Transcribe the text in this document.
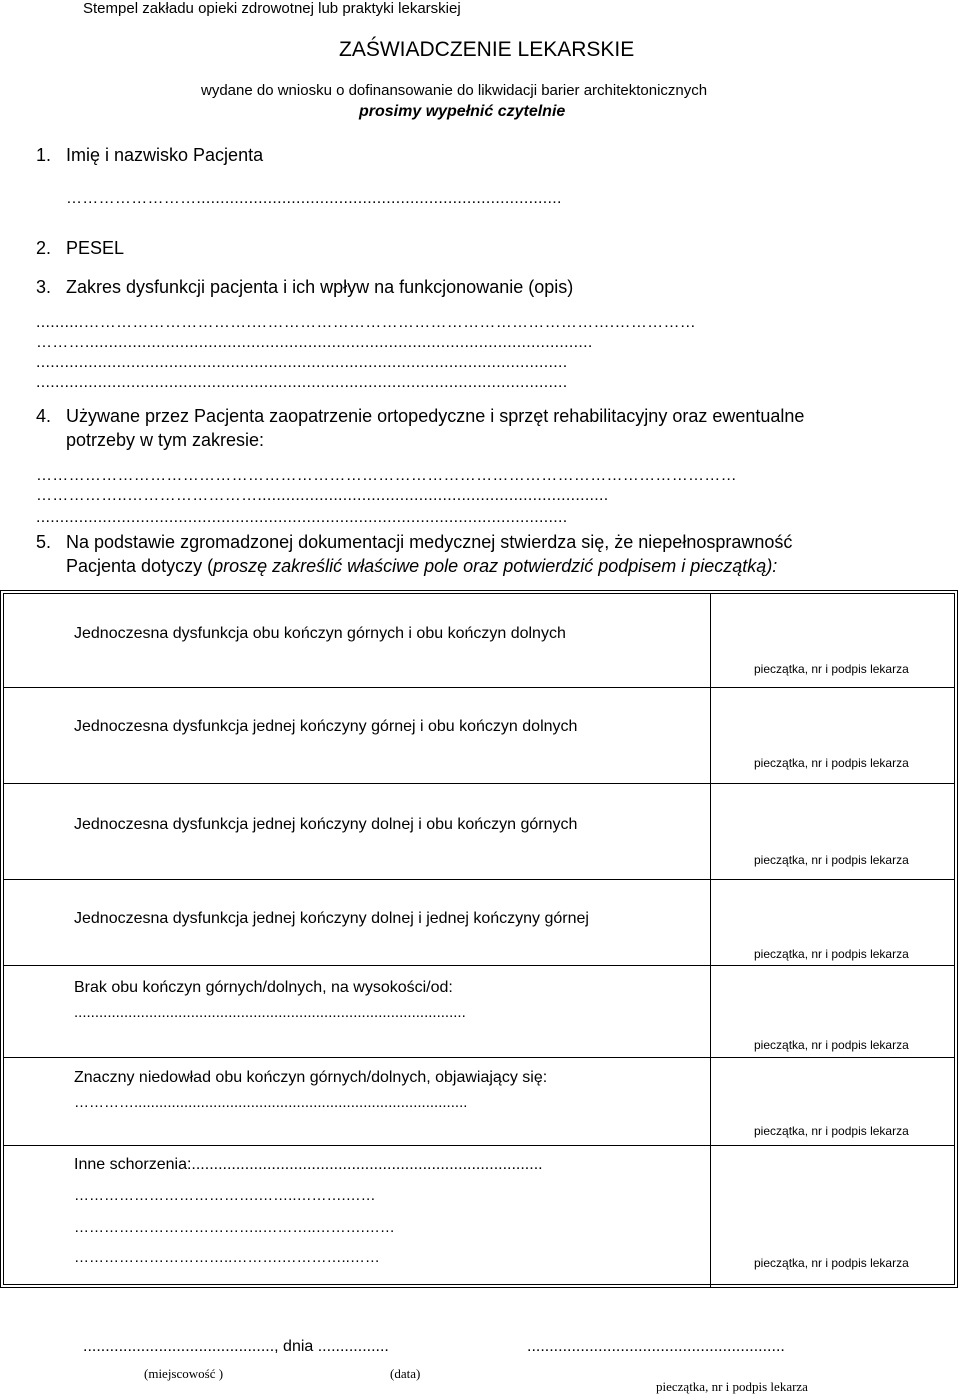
Stempel zakładu opieki zdrowotnej lub praktyki lekarskiej
ZAŚWIADCZENIE LEKARSKIE
wydane do wniosku o dofinansowanie do likwidacji barier architektonicznych
prosimy wypełnić czytelnie
1. Imię i nazwisko Pacjenta
…………………….............................................................................
2. PESEL
3. Zakres dysfunkcji pacjenta i ich wpływ na funkcjonowanie (opis)
..........………………………….………………………………………………………….……………
………...........................................................................................................
................................................................................................................
................................................................................................................
4. Używane przez Pacjenta zaopatrzenie ortopedyczne i sprzęt rehabilitacyjny oraz ewentualne
potrzeby w tym zakresie:
…………………………………………………………………………………………………………………
……………..……………………..........................................................................
................................................................................................................
5. Na podstawie zgromadzonej dokumentacji medycznej stwierdza się, że niepełnosprawność
Pacjenta dotyczy (proszę zakreślić właściwe pole oraz potwierdzić podpisem i pieczątką):
Jednoczesna dysfunkcja obu kończyn górnych i obu kończyn dolnych
pieczątka, nr i podpis lekarza
Jednoczesna dysfunkcja jednej kończyny górnej i obu kończyn dolnych
pieczątka, nr i podpis lekarza
Jednoczesna dysfunkcja jednej kończyny dolnej i obu kończyn górnych
pieczątka, nr i podpis lekarza
Jednoczesna dysfunkcja jednej kończyny dolnej i jednej kończyny górnej
pieczątka, nr i podpis lekarza
Brak obu kończyn górnych/dolnych, na wysokości/od:
..............................................................................................
pieczątka, nr i podpis lekarza
Znaczny niedowład obu kończyn górnych/dolnych, objawiający się:
…………................................................................................
pieczątka, nr i podpis lekarza
Inne schorzenia:...............................................................................
……………………………….……..……….……
………………………………..………..……….……
…………………………..……….…………..……	pieczątka, nr i podpis lekarza
..........................................., dnia ................	..........................................................
(miejscowość )	(data)
pieczątka, nr i podpis lekarza
